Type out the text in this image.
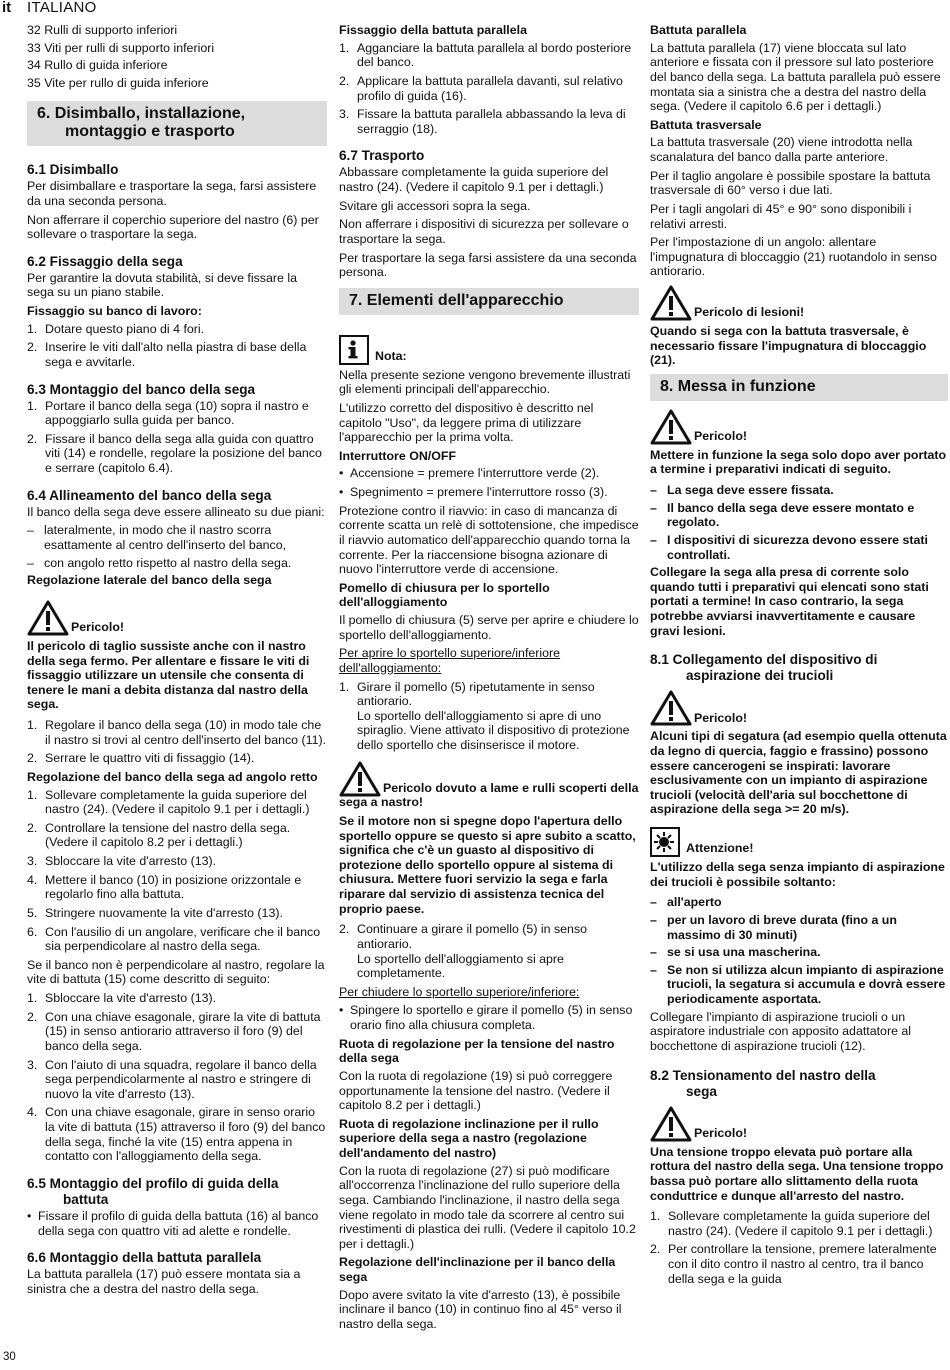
it ITALIANO
30
32 Rulli di supporto inferiori
33 Viti per rulli di supporto inferiori
34 Rullo di guida inferiore
35 Vite per rullo di guida inferiore
6. Disimballo, installazione,
montaggio e trasporto
6.1 Disimballo

Per disimballare e trasportare la sega, farsi assistere da una seconda persona.

Non afferrare il coperchio superiore del nastro (6) per sollevare o trasportare la sega.

6.2 Fissaggio della sega

Per garantire la dovuta stabilità, si deve fissare la sega su un piano stabile.

Fissaggio su banco di lavoro:
1. Dotare questo piano di 4 fori.
2. Inserire le viti dall'alto nella piastra di base della sega e avvitarle.
6.3 Montaggio del banco della sega
1. Portare il banco della sega (10) sopra il nastro e appoggiarlo sulla guida per banco.
2. Fissare il banco della sega alla guida con quattro viti (14) e rondelle, regolare la posizione del banco e serrare (capitolo 6.4).
6.4 Allineamento del banco della sega

Il banco della sega deve essere allineato su due piani:

– lateralmente, in modo che il nastro scorra esattamente al centro dell'inserto del banco,
– con angolo retto rispetto al nastro della sega.
Regolazione laterale del banco della sega
Pericolo!

Il pericolo di taglio sussiste anche con il nastro della sega fermo. Per allentare e fissare le viti di fissaggio utilizzare un utensile che consenta di tenere le mani a debita distanza dal nastro della sega.

1. Regolare il banco della sega (10) in modo tale che il nastro si trovi al centro dell'inserto del banco (11).
2. Serrare le quattro viti di fissaggio (14).
Regolazione del banco della sega ad angolo retto
1. Sollevare completamente la guida superiore del nastro (24). (Vedere il capitolo 9.1 per i dettagli.)
2. Controllare la tensione del nastro della sega. (Vedere il capitolo 8.2 per i dettagli.)
3. Sbloccare la vite d'arresto (13).
4. Mettere il banco (10) in posizione orizzontale e regolarlo fino alla battuta.
5. Stringere nuovamente la vite d'arresto (13).
6. Con l'ausilio di un angolare, verificare che il banco sia perpendicolare al nastro della sega.

Se il banco non è perpendicolare al nastro, regolare la vite di battuta (15) come descritto di seguito:

1. Sbloccare la vite d'arresto (13).
2. Con una chiave esagonale, girare la vite di battuta (15) in senso antiorario attraverso il foro (9) del banco della sega.
3. Con l'aiuto di una squadra, regolare il banco della sega perpendicolarmente al nastro e stringere di nuovo la vite d'arresto (13).
4. Con una chiave esagonale, girare in senso orario la vite di battuta (15) attraverso il foro (9) del banco della sega, finché la vite (15) entra appena in contatto con l'alloggiamento della sega.
6.5 Montaggio del profilo di guida della
battuta
• Fissare il profilo di guida della battuta (16) al banco della sega con quattro viti ad alette e rondelle.
6.6 Montaggio della battuta parallela

La battuta parallela (17) può essere montata sia a sinistra che a destra del nastro della sega.

Fissaggio della battuta parallela
1. Agganciare la battuta parallela al bordo posteriore del banco.
2. Applicare la battuta parallela davanti, sul relativo profilo di guida (16).
3. Fissare la battuta parallela abbassando la leva di serraggio (18).
6.7 Trasporto

Abbassare completamente la guida superiore del nastro (24). (Vedere il capitolo 9.1 per i dettagli.)

Svitare gli accessori sopra la sega.

Non afferrare i dispositivi di sicurezza per sollevare o trasportare la sega.

Per trasportare la sega farsi assistere da una seconda persona.

7. Elementi dell'apparecchio
Nota:

Nella presente sezione vengono brevemente illustrati gli elementi principali dell'apparecchio.

L'utilizzo corretto del dispositivo è descritto nel capitolo "Uso", da leggere prima di utilizzare l'apparecchio per la prima volta.

Interruttore ON/OFF
• Accensione = premere l'interruttore verde (2).
• Spegnimento = premere l'interruttore rosso (3).

Protezione contro il riavvio: in caso di mancanza di corrente scatta un relè di sottotensione, che impedisce il riavvio automatico dell'apparecchio quando torna la corrente. Per la riaccensione bisogna azionare di nuovo l'interruttore verde di accensione.

Pomello di chiusura per lo sportello dell'alloggiamento

Il pomello di chiusura (5) serve per aprire e chiudere lo sportello dell'alloggiamento.

Per aprire lo sportello superiore/inferiore dell'alloggiamento:

1. Girare il pomello (5) ripetutamente in senso antiorario.
Lo sportello dell'alloggiamento si apre di uno spiraglio. Viene attivato il dispositivo di protezione dello sportello che disinserisce il motore.

Pericolo dovuto a lame e rulli scoperti della sega a nastro!

Se il motore non si spegne dopo l'apertura dello sportello oppure se questo si apre subito a scatto, significa che c'è un guasto al dispositivo di protezione dello sportello oppure al sistema di chiusura. Mettere fuori servizio la sega e farla riparare dal servizio di assistenza tecnica del proprio paese.

2. Continuare a girare il pomello (5) in senso antiorario.
Lo sportello dell'alloggiamento si apre completamente.

Per chiudere lo sportello superiore/inferiore:

• Spingere lo sportello e girare il pomello (5) in senso orario fino alla chiusura completa.
Ruota di regolazione per la tensione del nastro della sega

Con la ruota di regolazione (19) si può correggere opportunamente la tensione del nastro. (Vedere il capitolo 8.2 per i dettagli.)

Ruota di regolazione inclinazione per il rullo superiore della sega a nastro (regolazione dell'andamento del nastro)

Con la ruota di regolazione (27) si può modificare all'occorrenza l'inclinazione del rullo superiore della sega. Cambiando l'inclinazione, il nastro della sega viene regolato in modo tale da scorrere al centro sui rivestimenti di plastica dei rulli. (Vedere il capitolo 10.2 per i dettagli.)

Regolazione dell'inclinazione per il banco della sega

Dopo avere svitato la vite d'arresto (13), è possibile inclinare il banco (10) in continuo fino al 45° verso il nastro della sega.

Battuta parallela

La battuta parallela (17) viene bloccata sul lato anteriore e fissata con il pressore sul lato posteriore del banco della sega. La battuta parallela può essere montata sia a sinistra che a destra del nastro della sega. (Vedere il capitolo 6.6 per i dettagli.)

Battuta trasversale

La battuta trasversale (20) viene introdotta nella scanalatura del banco dalla parte anteriore.

Per il taglio angolare è possibile spostare la battuta trasversale di 60° verso i due lati.

Per i tagli angolari di 45° e 90° sono disponibili i relativi arresti.

Per l'impostazione di un angolo: allentare l'impugnatura di bloccaggio (21) ruotandolo in senso antiorario.

Pericolo di lesioni!

Quando si sega con la battuta trasversale, è necessario fissare l'impugnatura di bloccaggio (21).

8. Messa in funzione
Pericolo!

Mettere in funzione la sega solo dopo aver portato a termine i preparativi indicati di seguito.

– La sega deve essere fissata.
– Il banco della sega deve essere montato e regolato.
– I dispositivi di sicurezza devono essere stati controllati.

Collegare la sega alla presa di corrente solo quando tutti i preparativi qui elencati sono stati portati a termine! In caso contrario, la sega potrebbe avviarsi inavvertitamente e causare gravi lesioni.

8.1 Collegamento del dispositivo di
aspirazione dei trucioli
Pericolo!

Alcuni tipi di segatura (ad esempio quella ottenuta da legno di quercia, faggio e frassino) possono essere cancerogeni se inspirati: lavorare esclusivamente con un impianto di aspirazione trucioli (velocità dell'aria sul bocchettone di aspirazione della sega >= 20 m/s).

Attenzione!

L'utilizzo della sega senza impianto di aspirazione dei trucioli è possibile soltanto:

– all'aperto
– per un lavoro di breve durata (fino a un massimo di 30 minuti)
– se si usa una mascherina.
– Se non si utilizza alcun impianto di aspirazione trucioli, la segatura si accumula e dovrà essere periodicamente asportata.

Collegare l'impianto di aspirazione trucioli o un aspiratore industriale con apposito adattatore al bocchettone di aspirazione trucioli (12).

8.2 Tensionamento del nastro della
sega
Pericolo!

Una tensione troppo elevata può portare alla rottura del nastro della sega. Una tensione troppo bassa può portare allo slittamento della ruota conduttrice e dunque all'arresto del nastro.

1. Sollevare completamente la guida superiore del nastro (24). (Vedere il capitolo 9.1 per i dettagli.)
2. Per controllare la tensione, premere lateralmente con il dito contro il nastro al centro, tra il banco della sega e la guida
